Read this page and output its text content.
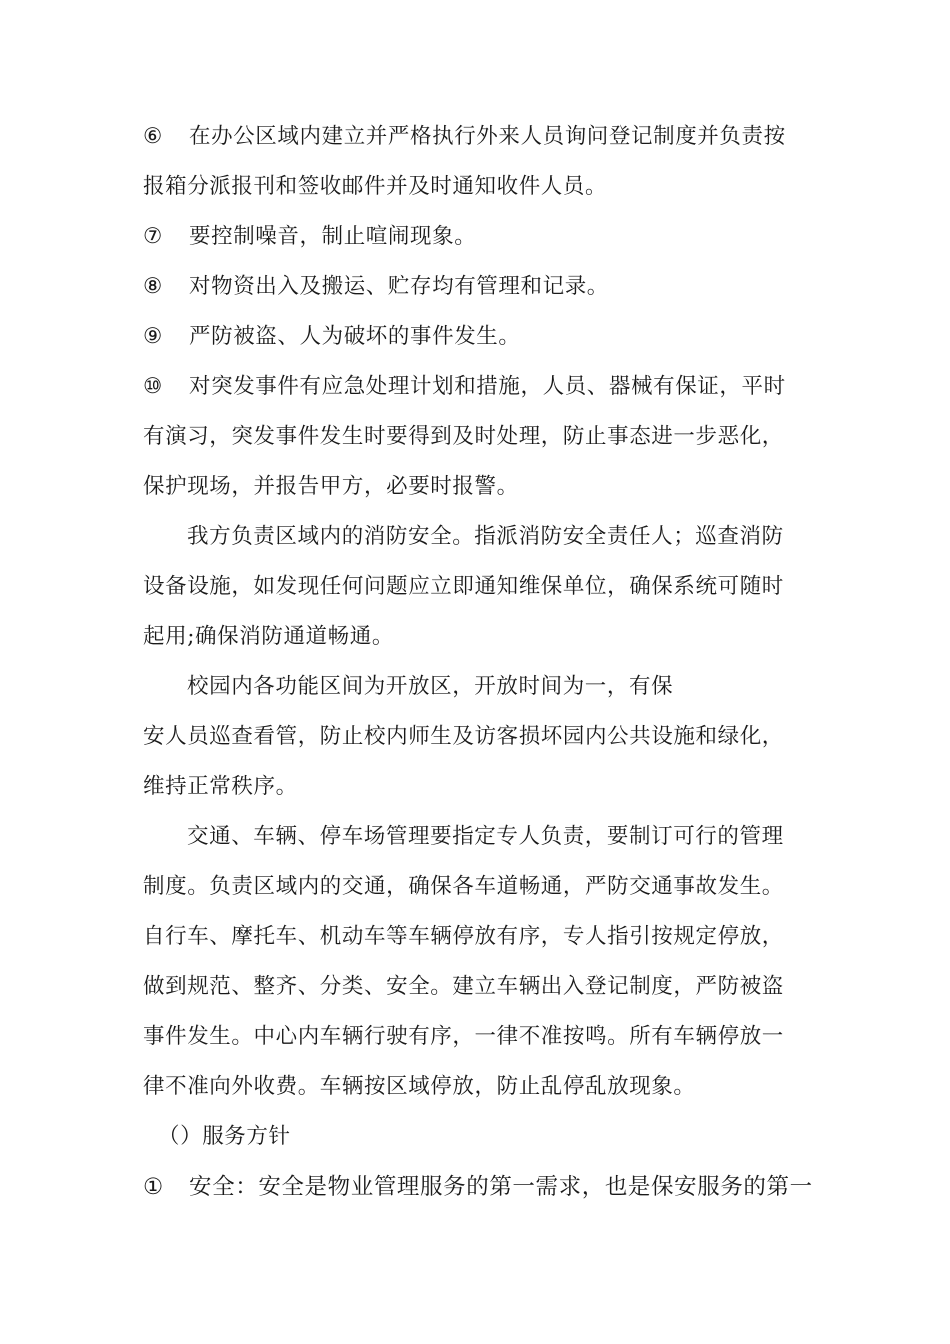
⑥ 在办公区域内建立并严格执行外来人员询问登记制度并负责按
报箱分派报刊和签收邮件并及时通知收件人员。
⑦ 要控制噪音，制止喧闹现象。
⑧ 对物资出入及搬运、贮存均有管理和记录。
⑨ 严防被盗、人为破坏的事件发生。
⑩ 对突发事件有应急处理计划和措施，人员、器械有保证，平时
有演习，突发事件发生时要得到及时处理，防止事态进一步恶化，
保护现场，并报告甲方，必要时报警。
我方负责区域内的消防安全。指派消防安全责任人；巡查消防
设备设施，如发现任何问题应立即通知维保单位，确保系统可随时
起用;确保消防通道畅通。
校园内各功能区间为开放区，开放时间为一，有保
安人员巡查看管，防止校内师生及访客损坏园内公共设施和绿化，
维持正常秩序。
交通、车辆、停车场管理要指定专人负责，要制订可行的管理
制度。负责区域内的交通，确保各车道畅通，严防交通事故发生。
自行车、摩托车、机动车等车辆停放有序，专人指引按规定停放，
做到规范、整齐、分类、安全。建立车辆出入登记制度，严防被盗
事件发生。中心内车辆行驶有序，一律不准按鸣。所有车辆停放一
律不准向外收费。车辆按区域停放，防止乱停乱放现象。
（）服务方针
① 安全：安全是物业管理服务的第一需求，也是保安服务的第一
